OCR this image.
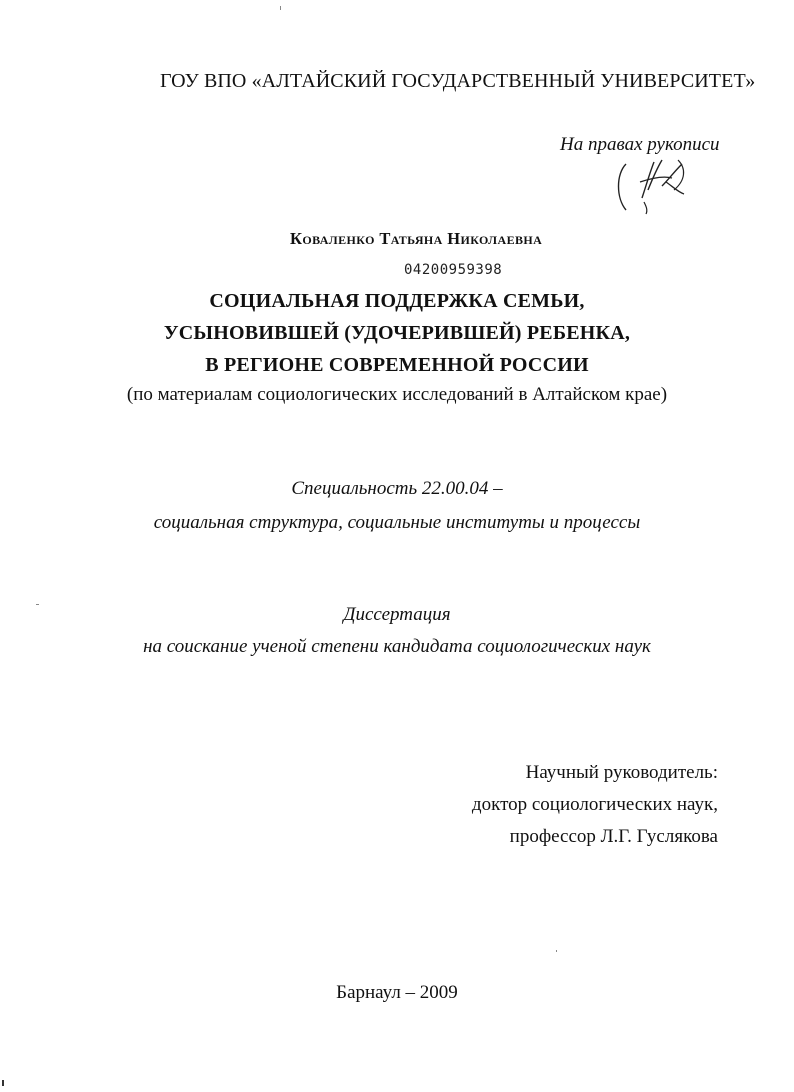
ГОУ ВПО «АЛТАЙСКИЙ ГОСУДАРСТВЕННЫЙ УНИВЕРСИТЕТ»
На правах рукописи
Коваленко Татьяна Николаевна
04200959398
СОЦИАЛЬНАЯ ПОДДЕРЖКА СЕМЬИ,
УСЫНОВИВШЕЙ (УДОЧЕРИВШЕЙ) РЕБЕНКА,
В РЕГИОНЕ СОВРЕМЕННОЙ РОССИИ
(по материалам социологических исследований в Алтайском крае)
Специальность 22.00.04 –
социальная структура, социальные институты и процессы
Диссертация
на соискание ученой степени кандидата социологических наук
Научный руководитель:
доктор социологических наук,
профессор Л.Г. Гуслякова
Барнаул – 2009
